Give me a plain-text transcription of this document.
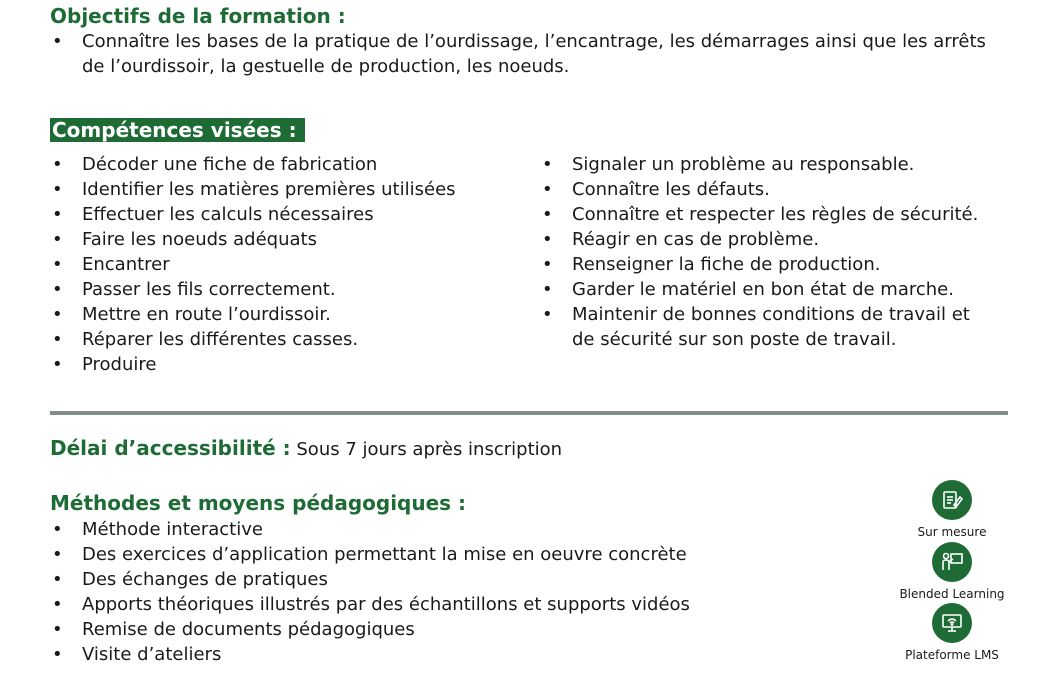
Objectifs de la formation :
• Connaître les bases de la pratique de l’ourdissage, l’encantrage, les démarrages ainsi que les arrêts de l’ourdissoir, la gestuelle de production, les noeuds.
Compétences visées :
• Décoder une fiche de fabrication
• Identifier les matières premières utilisées
• Effectuer les calculs nécessaires
• Faire les noeuds adéquats
• Encantrer
• Passer les fils correctement.
• Mettre en route l’ourdissoir.
• Réparer les différentes casses.
• Produire
• Signaler un problème au responsable.
• Connaître les défauts.
• Connaître et respecter les règles de sécurité.
• Réagir en cas de problème.
• Renseigner la fiche de production.
• Garder le matériel en bon état de marche.
• Maintenir de bonnes conditions de travail et de sécurité sur son poste de travail.
Délai d’accessibilité : Sous 7 jours après inscription
Méthodes et moyens pédagogiques :
• Méthode interactive
• Des exercices d’application permettant la mise en oeuvre concrète
• Des échanges de pratiques
• Apports théoriques illustrés par des échantillons et supports vidéos
• Remise de documents pédagogiques
• Visite d’ateliers
Sur mesure
Blended Learning
Plateforme LMS
